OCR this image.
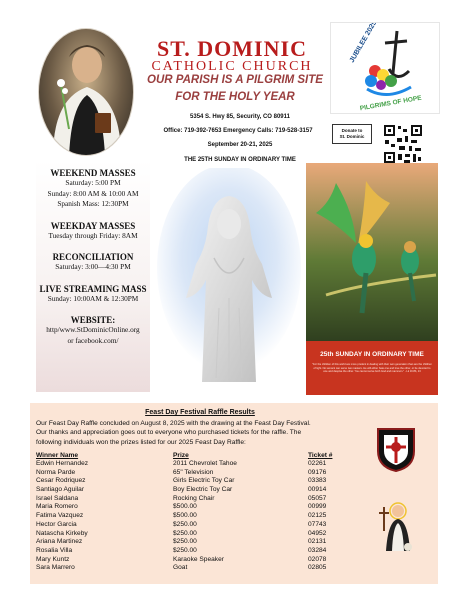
ST. DOMINIC
CATHOLIC CHURCH
OUR PARISH IS A PILGRIM SITE
FOR THE HOLY YEAR
JUBILEE 2025
PILGRIMS OF HOPE
5354 S. Hwy 85, Security, CO 80911
Office: 719-392-7653 Emergency Calls: 719-528-3157
September 20-21, 2025
THE 25TH SUNDAY IN ORDINARY TIME
Donate to
St. Dominic
WEEKEND MASSES
Saturday: 5:00 PM
Sunday: 8:00 AM & 10:00 AM
Spanish Mass: 12:30PM
WEEKDAY MASSES
Tuesday through Friday: 8AM
RECONCILIATION
Saturday: 3:00—4:30 PM
LIVE STREAMING MASS
Sunday: 10:00AM & 12:30PM
WEBSITE:
http/www.StDominicOnline.org
or facebook.com/
25th SUNDAY IN ORDINARY TIME
"For the children of this world are more prudent in dealing with their own generation than are the children of light. No servant can serve two masters. He will either hate one and love the other, or be devoted to one and despise the other. You cannot serve both God and mammon." - Lk 16:8b, 13
Feast Day Festival Raffle Results
Our Feast Day Raffle concluded on August 8, 2025 with the drawing at the Feast Day Festival.
Our thanks and appreciation goes out to everyone who purchased tickets for the raffle. The
following individuals won the prizes listed for our 2025 Feast Day Raffle:
Winner Name	Prize	Ticket #
Edwin Hernandez	2011 Chevrolet Tahoe	02261
Norma Parde	65" Television	09176
Cesar Rodriquez	Girls Electric Toy Car	03383
Santiago Aguilar	Boy Electric Toy Car	00914
Israel Saldana	Rocking Chair	05057
Maria Romero	$500.00	00999
Fatima Vazquez	$500.00	02125
Hector Garcia	$250.00	07743
Natascha Kirkeby	$250.00	04952
Ariana Martinez	$250.00	02131
Rosalia Villa	$250.00	03284
Mary Kuntz	Karaoke Speaker	02078
Sara Marrero	Goat	02805
